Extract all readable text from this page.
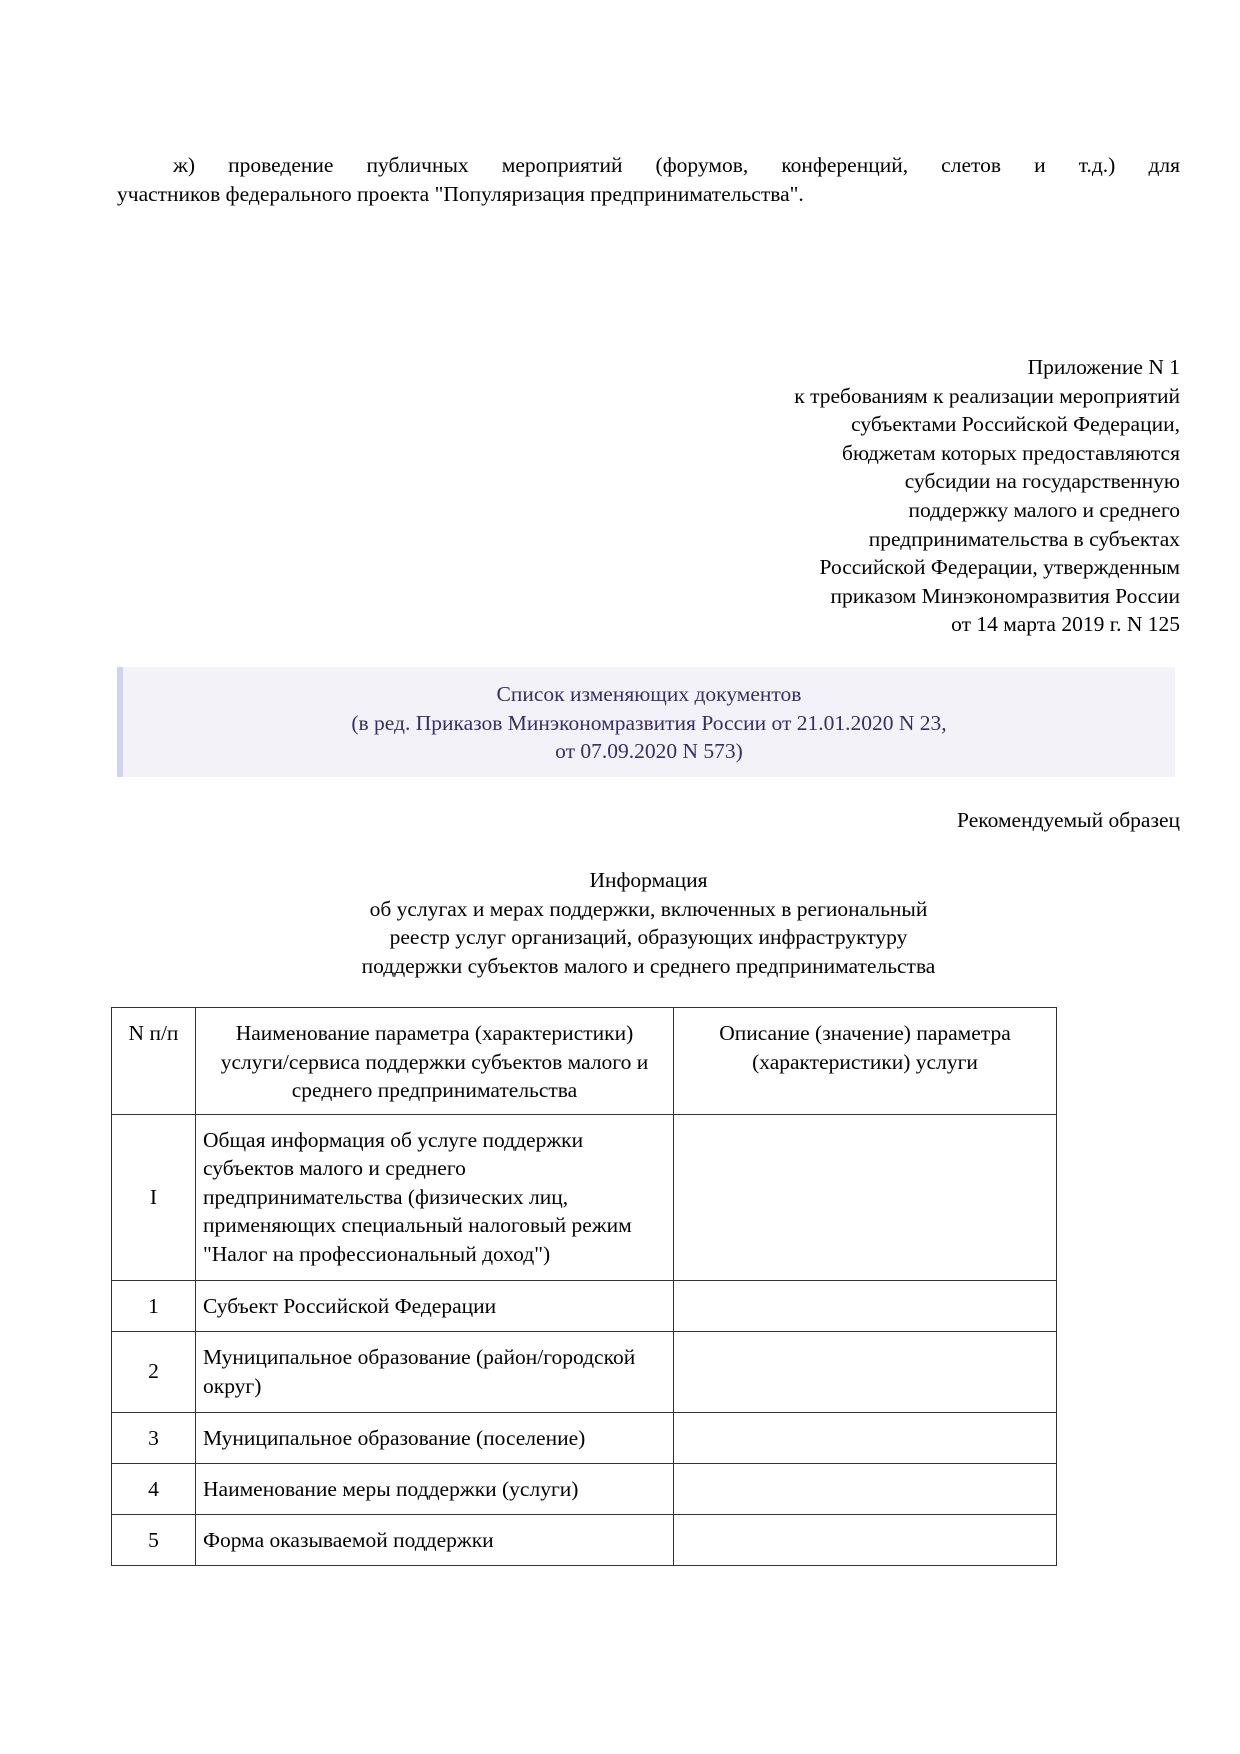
ж) проведение публичных мероприятий (форумов, конференций, слетов и т.д.) для
участников федерального проекта "Популяризация предпринимательства".
Приложение N 1
к требованиям к реализации мероприятий
субъектами Российской Федерации,
бюджетам которых предоставляются
субсидии на государственную
поддержку малого и среднего
предпринимательства в субъектах
Российской Федерации, утвержденным
приказом Минэкономразвития России
от 14 марта 2019 г. N 125
Список изменяющих документов
(в ред. Приказов Минэкономразвития России от 21.01.2020 N 23,
от 07.09.2020 N 573)
Рекомендуемый образец
Информация
об услугах и мерах поддержки, включенных в региональный
реестр услуг организаций, образующих инфраструктуру
поддержки субъектов малого и среднего предпринимательства
N п/п	Наименование параметра (характеристики) услуги/сервиса поддержки субъектов малого и среднего предпринимательства	Описание (значение) параметра (характеристики) услуги
I	Общая информация об услуге поддержки субъектов малого и среднего предпринимательства (физических лиц, применяющих специальный налоговый режим "Налог на профессиональный доход")	
1	Субъект Российской Федерации	
2	Муниципальное образование (район/городской округ)	
3	Муниципальное образование (поселение)	
4	Наименование меры поддержки (услуги)	
5	Форма оказываемой поддержки	
